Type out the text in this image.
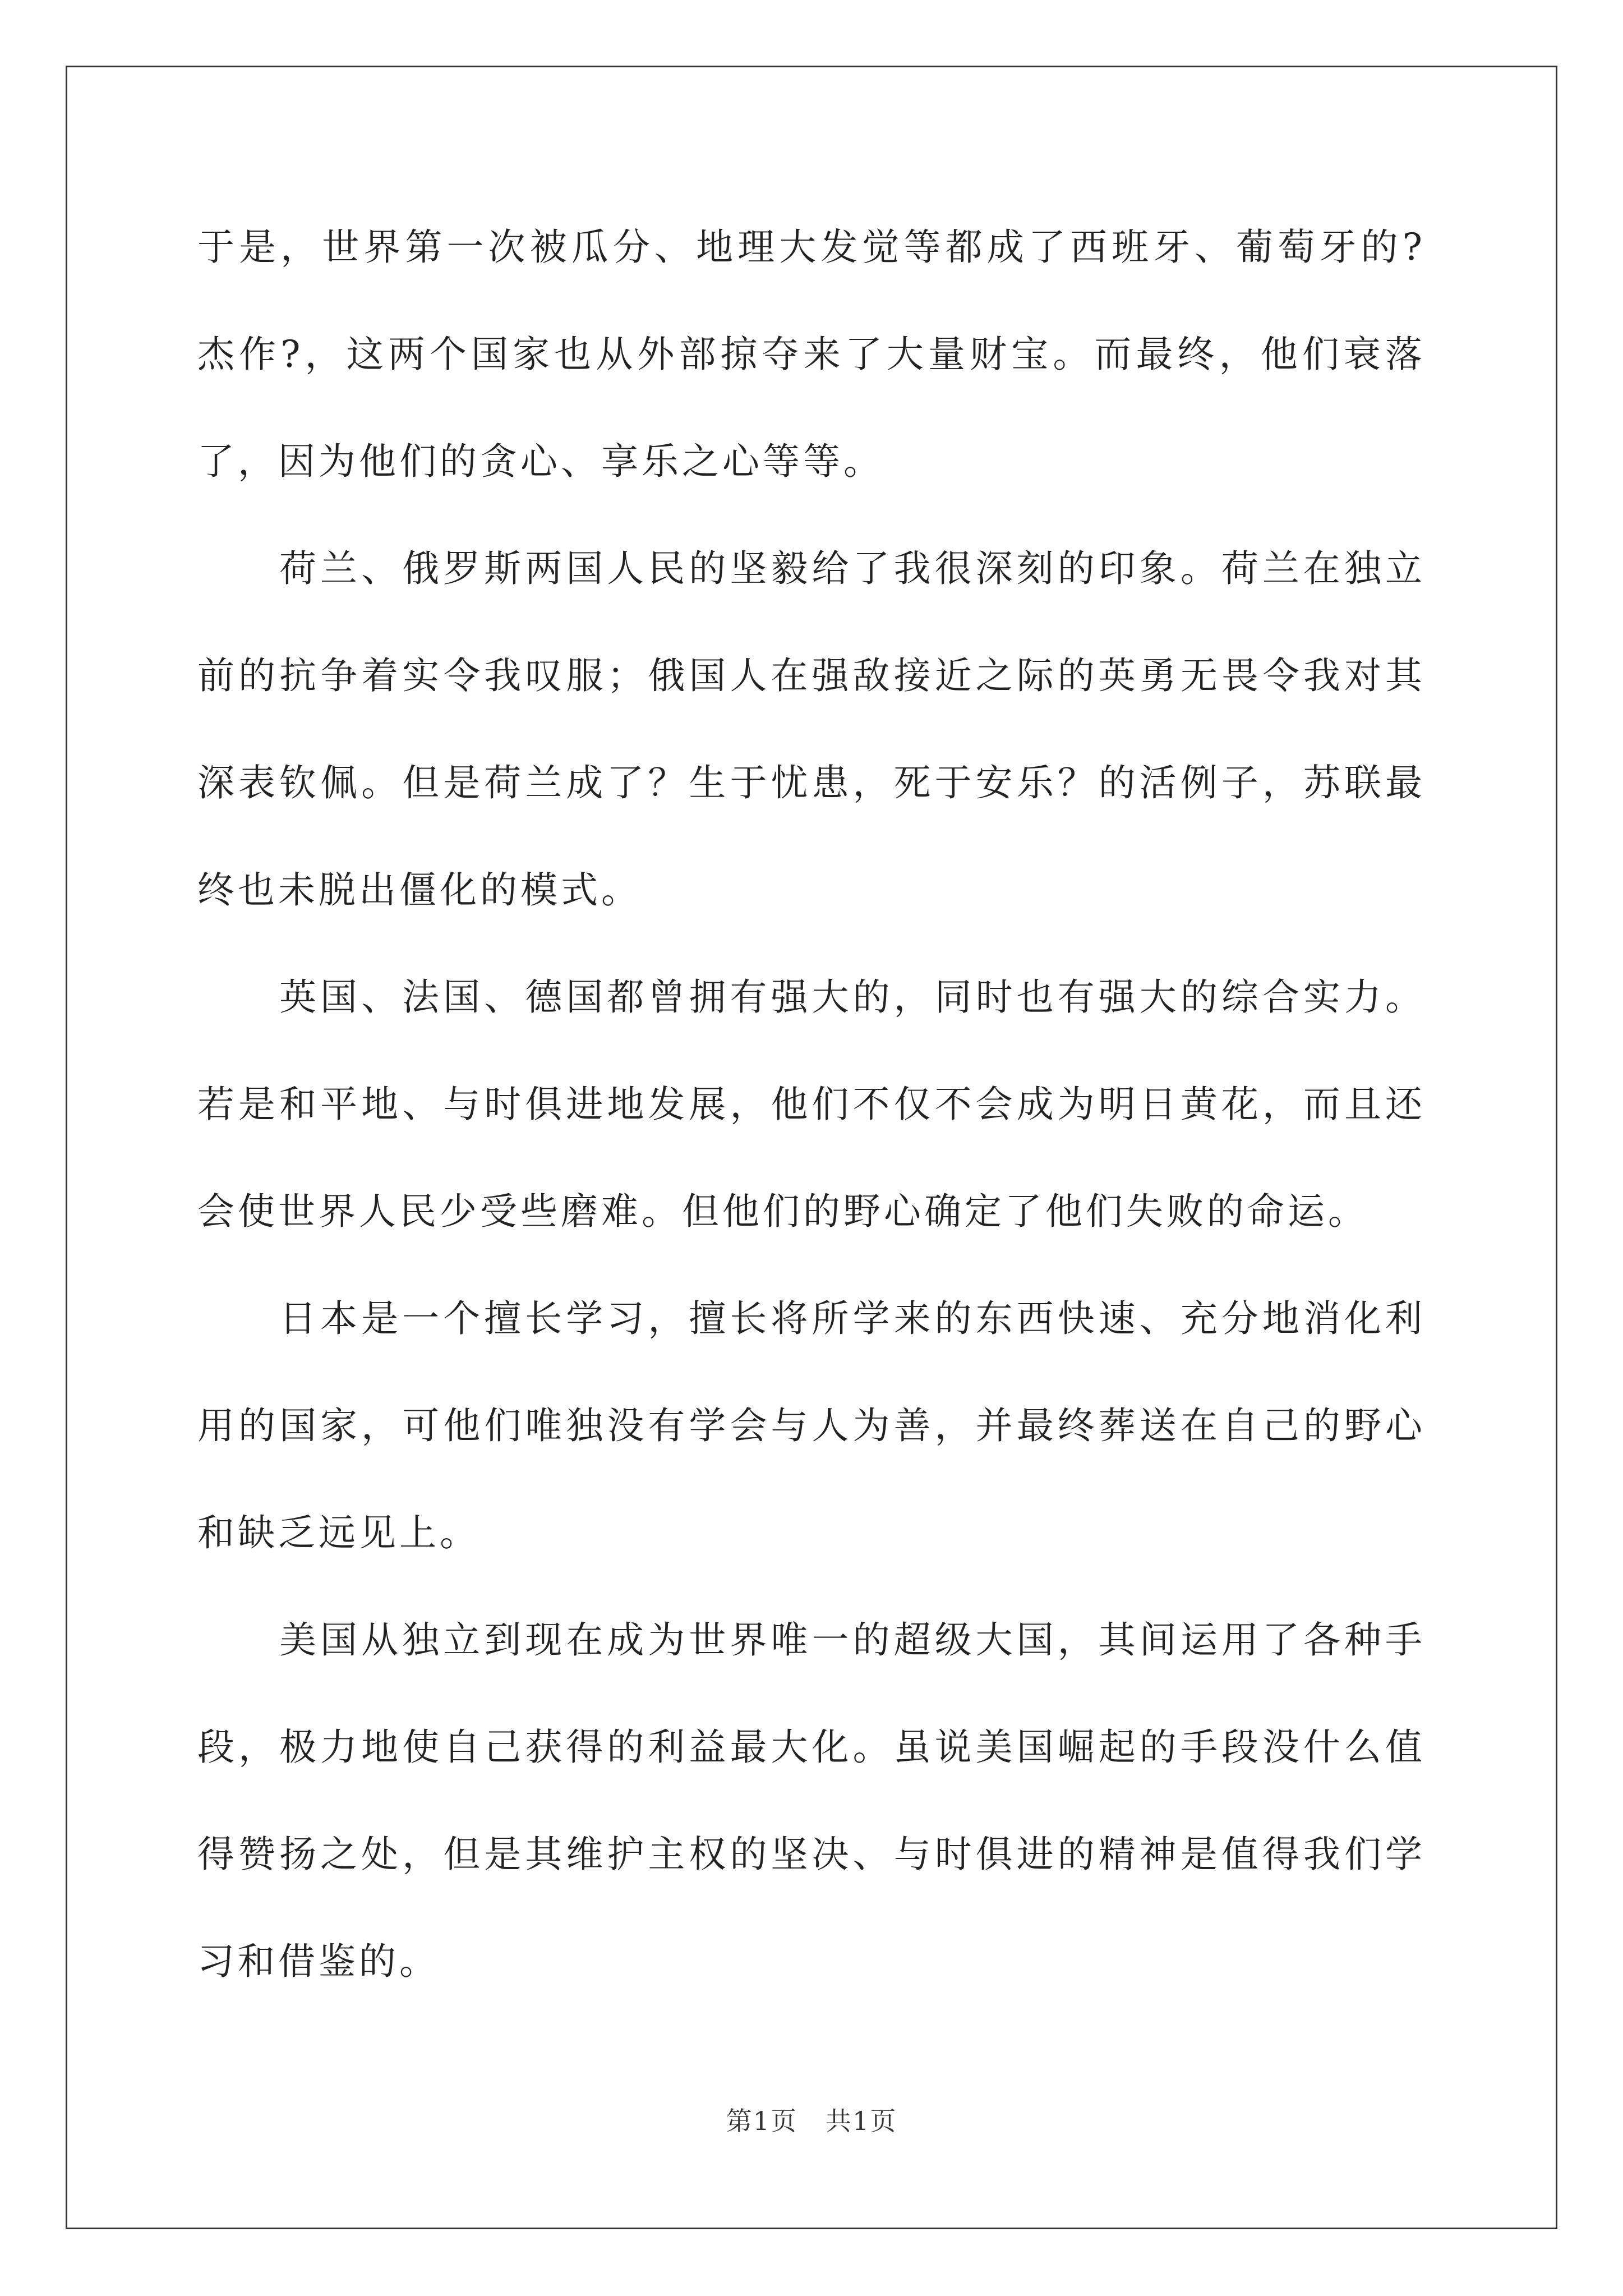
于是，世界第一次被瓜分、地理大发觉等都成了西班牙、葡萄牙的?杰作?，这两个国家也从外部掠夺来了大量财宝。而最终，他们衰落了，因为他们的贪心、享乐之心等等。

荷兰、俄罗斯两国人民的坚毅给了我很深刻的印象。荷兰在独立前的抗争着实令我叹服；俄国人在强敌接近之际的英勇无畏令我对其深表钦佩。但是荷兰成了？生于忧患，死于安乐？的活例子，苏联最终也未脱出僵化的模式。

英国、法国、德国都曾拥有强大的，同时也有强大的综合实力。若是和平地、与时俱进地发展，他们不仅不会成为明日黄花，而且还会使世界人民少受些磨难。但他们的野心确定了他们失败的命运。

日本是一个擅长学习，擅长将所学来的东西快速、充分地消化利用的国家，可他们唯独没有学会与人为善，并最终葬送在自己的野心和缺乏远见上。

美国从独立到现在成为世界唯一的超级大国，其间运用了各种手段，极力地使自己获得的利益最大化。虽说美国崛起的手段没什么值得赞扬之处，但是其维护主权的坚决、与时俱进的精神是值得我们学习和借鉴的。

第1页 共1页
